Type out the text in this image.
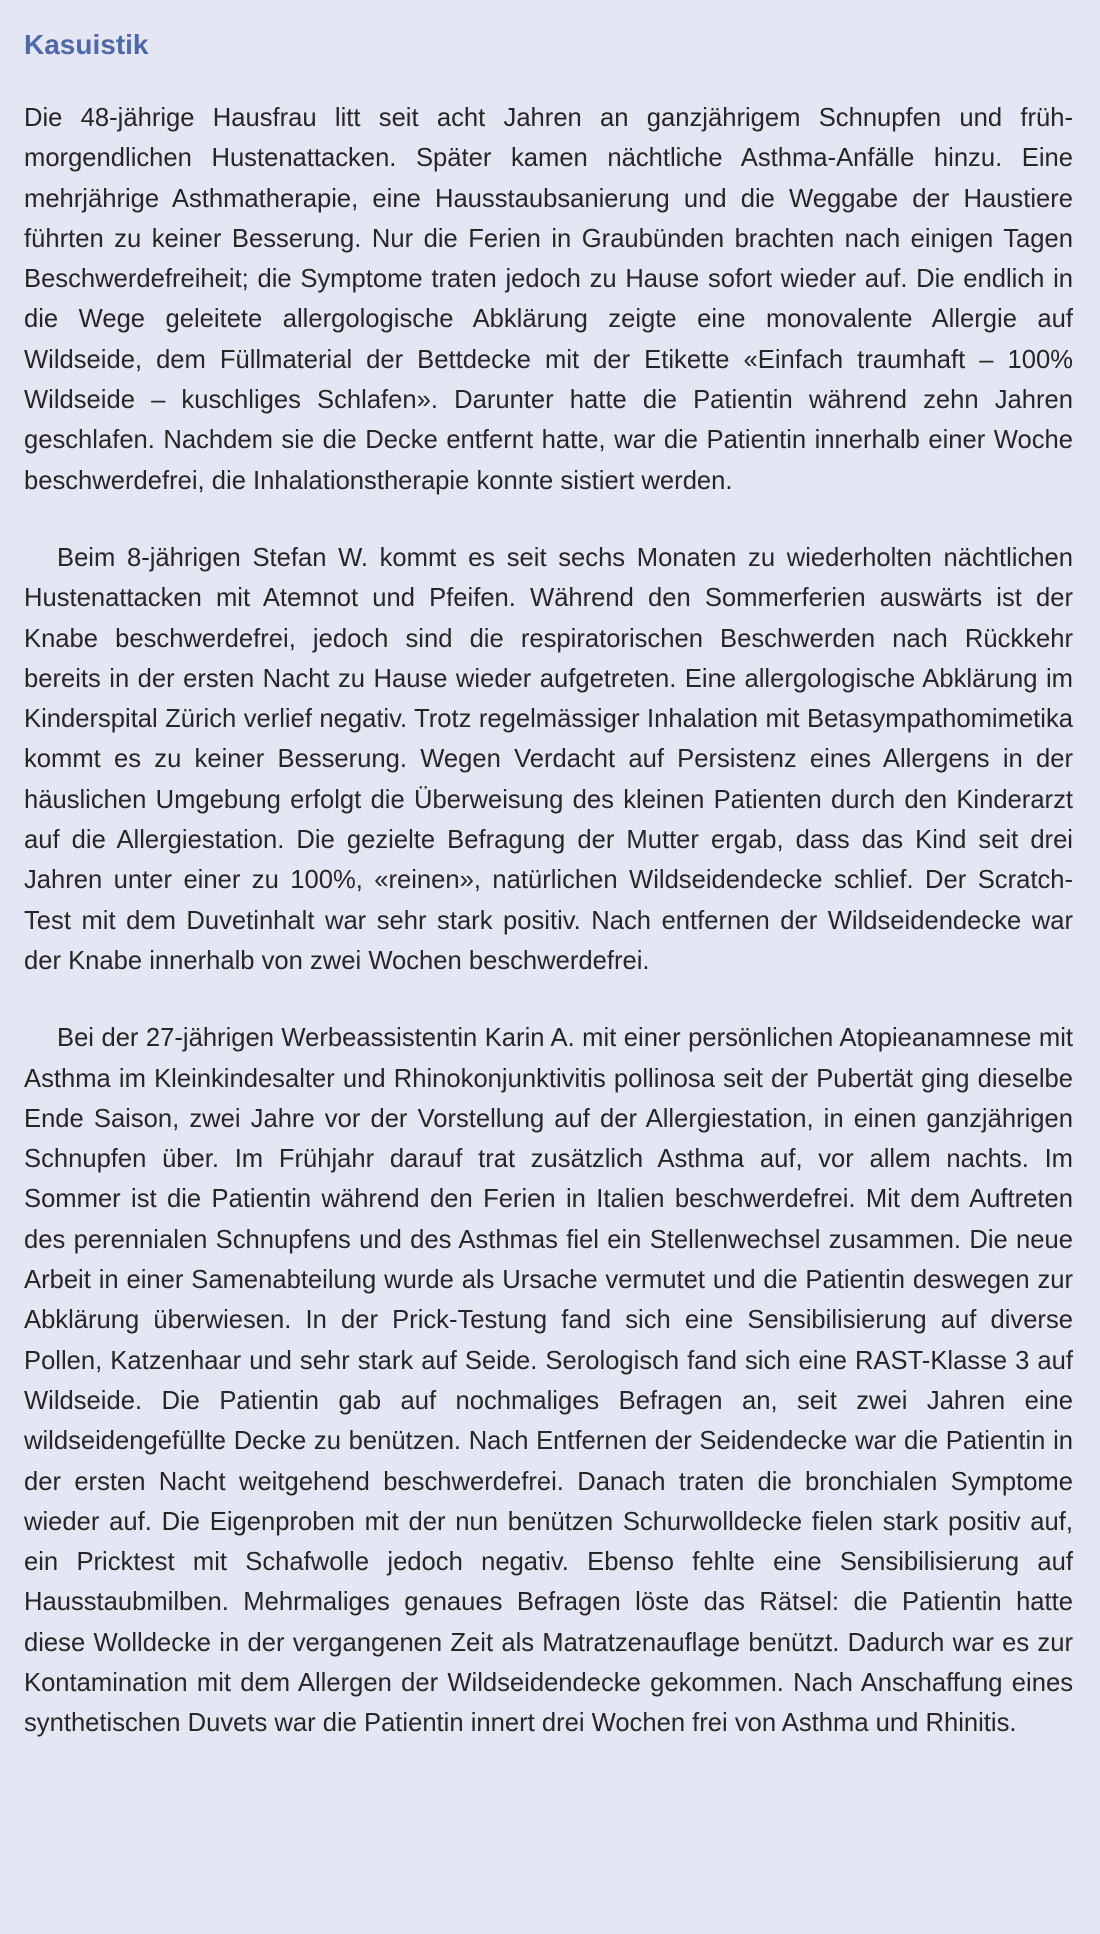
Kasuistik

Die 48-jährige Hausfrau litt seit acht Jahren an ganzjährigem Schnupfen und frühmorgendlichen Hustenattacken. Später kamen nächtliche Asthma-Anfälle hinzu. Eine mehrjährige Asthmatherapie, eine Hausstaubsanierung und die Weggabe der Haustiere führten zu keiner Besserung. Nur die Ferien in Graubünden brachten nach einigen Tagen Beschwerdefreiheit; die Symptome traten jedoch zu Hause sofort wieder auf. Die endlich in die Wege geleitete allergologische Abklärung zeigte eine monovalente Allergie auf Wildseide, dem Füllmaterial der Bettdecke mit der Etikette «Einfach traumhaft – 100% Wildseide – kuschliges Schlafen». Darunter hatte die Patientin während zehn Jahren geschlafen. Nachdem sie die Decke entfernt hatte, war die Patientin innerhalb einer Woche beschwerdefrei, die Inhalationstherapie konnte sistiert werden.

Beim 8-jährigen Stefan W. kommt es seit sechs Monaten zu wiederholten nächtlichen Hustenattacken mit Atemnot und Pfeifen. Während den Sommerferien auswärts ist der Knabe beschwerdefrei, jedoch sind die respiratorischen Beschwerden nach Rückkehr bereits in der ersten Nacht zu Hause wieder aufgetreten. Eine allergologische Abklärung im Kinderspital Zürich verlief negativ. Trotz regelmässiger Inhalation mit Betasympathomimetika kommt es zu keiner Besserung. Wegen Verdacht auf Persistenz eines Allergens in der häuslichen Umgebung erfolgt die Überweisung des kleinen Patienten durch den Kinderarzt auf die Allergiestation. Die gezielte Befragung der Mutter ergab, dass das Kind seit drei Jahren unter einer zu 100%, «reinen», natürlichen Wildseidendecke schlief. Der Scratch-Test mit dem Duvetinhalt war sehr stark positiv. Nach entfernen der Wildseidendecke war der Knabe innerhalb von zwei Wochen beschwerdefrei.

Bei der 27-jährigen Werbeassistentin Karin A. mit einer persönlichen Atopieanamnese mit Asthma im Kleinkindesalter und Rhinokonjunktivitis pollinosa seit der Pubertät ging dieselbe Ende Saison, zwei Jahre vor der Vorstellung auf der Allergiestation, in einen ganzjährigen Schnupfen über. Im Frühjahr darauf trat zusätzlich Asthma auf, vor allem nachts. Im Sommer ist die Patientin während den Ferien in Italien beschwerdefrei. Mit dem Auftreten des perennialen Schnupfens und des Asthmas fiel ein Stellenwechsel zusammen. Die neue Arbeit in einer Samenabteilung wurde als Ursache vermutet und die Patientin deswegen zur Abklärung überwiesen. In der Prick-Testung fand sich eine Sensibilisierung auf diverse Pollen, Katzenhaar und sehr stark auf Seide. Serologisch fand sich eine RAST-Klasse 3 auf Wildseide. Die Patientin gab auf nochmaliges Befragen an, seit zwei Jahren eine wildseidengefüllte Decke zu benützen. Nach Entfernen der Seidendecke war die Patientin in der ersten Nacht weitgehend beschwerdefrei. Danach traten die bronchialen Symptome wieder auf. Die Eigenproben mit der nun benützen Schurwolldecke fielen stark positiv auf, ein Pricktest mit Schafwolle jedoch negativ. Ebenso fehlte eine Sensibilisierung auf Hausstaubmilben. Mehrmaliges genaues Befragen löste das Rätsel: die Patientin hatte diese Wolldecke in der vergangenen Zeit als Matratzenauflage benützt. Dadurch war es zur Kontamination mit dem Allergen der Wildseidendecke gekommen. Nach Anschaffung eines synthetischen Duvets war die Patientin innert drei Wochen frei von Asthma und Rhinitis.
